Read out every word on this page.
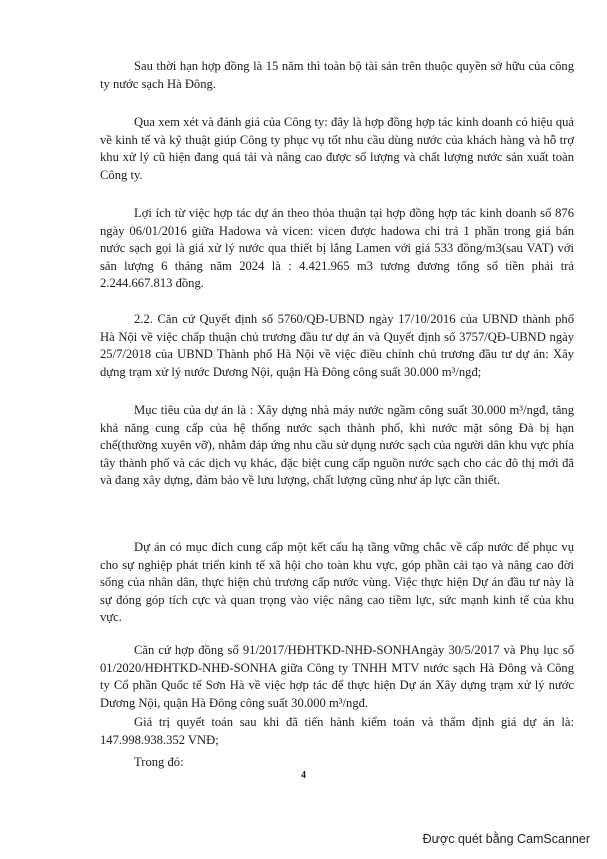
Sau thời hạn hợp đồng là 15 năm thì toàn bộ tài sản trên thuộc quyền sở hữu của công ty nước sạch Hà Đông.

Qua xem xét và đánh giá của Công ty: đây là hợp đồng hợp tác kinh doanh có hiệu quả về kinh tế và kỹ thuật giúp Công ty phục vụ tốt nhu cầu dùng nước của khách hàng và hỗ trợ khu xử lý cũ hiện đang quá tải và nâng cao được số lượng và chất lượng nước sản xuất toàn Công ty.

Lợi ích từ việc hợp tác dự án theo thỏa thuận tại hợp đồng hợp tác kinh doanh số 876 ngày 06/01/2016 giữa Hadowa và vicen: vicen được hadowa chi trả 1 phần trong giá bán nước sạch gọi là giá xử lý nước qua thiết bị lắng Lamen với giá 533 đồng/m3(sau VAT) với sản lượng 6 tháng năm 2024 là : 4.421.965 m3 tương đương tổng số tiền phải trả 2.244.667.813 đồng.

2.2. Căn cứ Quyết định số 5760/QĐ-UBND ngày 17/10/2016 của UBND thành phố Hà Nội về việc chấp thuận chủ trương đầu tư dự án và Quyết định số 3757/QĐ-UBND ngày 25/7/2018 của UBND Thành phố Hà Nội về việc điều chỉnh chủ trương đầu tư dự án: Xây dựng trạm xử lý nước Dương Nội, quận Hà Đông công suất 30.000 m³/ngđ;

Mục tiêu của dự án là : Xây dựng nhà máy nước ngầm công suất 30.000 m³/ngđ, tăng khả năng cung cấp của hệ thống nước sạch thành phố, khi nước mặt sông Đà bị hạn chế(thường xuyên vỡ), nhằm đáp ứng nhu cầu sử dụng nước sạch của người dân khu vực phía tây thành phố và các dịch vụ khác, đặc biệt cung cấp nguồn nước sạch cho các đô thị mới đã và đang xây dựng, đảm bảo về lưu lượng, chất lượng cũng như áp lực cần thiết.

Dự án có mục đích cung cấp một kết cấu hạ tầng vững chắc về cấp nước để phục vụ cho sự nghiệp phát triển kinh tế xã hội cho toàn khu vực, góp phần cải tạo và nâng cao đời sống của nhân dân, thực hiện chủ trương cấp nước vùng. Việc thực hiện Dự án đầu tư này là sự đóng góp tích cực và quan trọng vào việc nâng cao tiềm lực, sức mạnh kinh tế của khu vực.

Căn cứ hợp đồng số 91/2017/HĐHTKD-NHĐ-SONHAngày 30/5/2017 và Phụ lục số 01/2020/HĐHTKD-NHĐ-SONHA giữa Công ty TNHH MTV nước sạch Hà Đông và Công ty Cổ phần Quốc tế Sơn Hà về việc hợp tác để thực hiện Dự án Xây dựng trạm xử lý nước Dương Nội, quận Hà Đông công suất 30.000 m³/ngđ.

Giá trị quyết toán sau khi đã tiến hành kiểm toán và thẩm định giá dự án là: 147.998.938.352 VNĐ;

Trong đó:

4
Được quét bằng CamScanner
